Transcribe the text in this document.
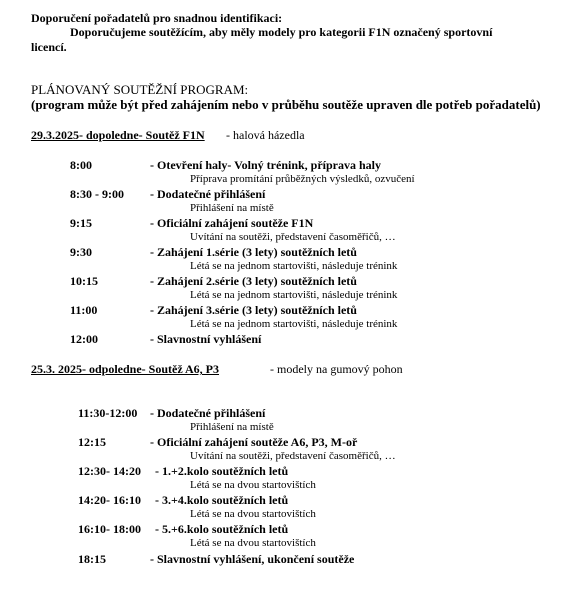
Doporučení pořadatelů pro snadnou identifikaci:
Doporučujeme soutěžícím, aby měly modely pro kategorii F1N označený sportovní
licencí.
PLÁNOVANÝ SOUTĚŽNÍ PROGRAM:
(program může být před zahájením nebo v průběhu soutěže upraven dle potřeb pořadatelů)
29.3.2025- dopoledne- Soutěž F1N - halová házedla
8:00	- Otevření haly- Volný trénink, příprava haly
Příprava promítání průběžných výsledků, ozvučení
8:30 - 9:00 - Dodatečné přihlášení
Přihlášení na místě
9:15	- Oficiální zahájení soutěže F1N
Uvítání na soutěži, představení časoměřičů, …
9:30	- Zahájení 1.série (3 lety) soutěžních letů
Létá se na jednom startovišti, následuje trénink
10:15	- Zahájení 2.série (3 lety) soutěžních letů
Létá se na jednom startovišti, následuje trénink
11:00	- Zahájení 3.série (3 lety) soutěžních letů
Létá se na jednom startovišti, následuje trénink
12:00	- Slavnostní vyhlášení
25.3. 2025- odpoledne- Soutěž A6, P3	- modely na gumový pohon
11:30-12:00 - Dodatečné přihlášení
Přihlášení na místě
12:15	- Oficiální zahájení soutěže A6, P3, M-oř
Uvítání na soutěži, představení časoměřičů, …
12:30- 14:20 - 1.+2.kolo soutěžních letů
Létá se na dvou startovištích
14:20- 16:10 - 3.+4.kolo soutěžních letů
Létá se na dvou startovištích
16:10- 18:00 - 5.+6.kolo soutěžních letů
Létá se na dvou startovištích
18:15	- Slavnostní vyhlášení, ukončení soutěže
